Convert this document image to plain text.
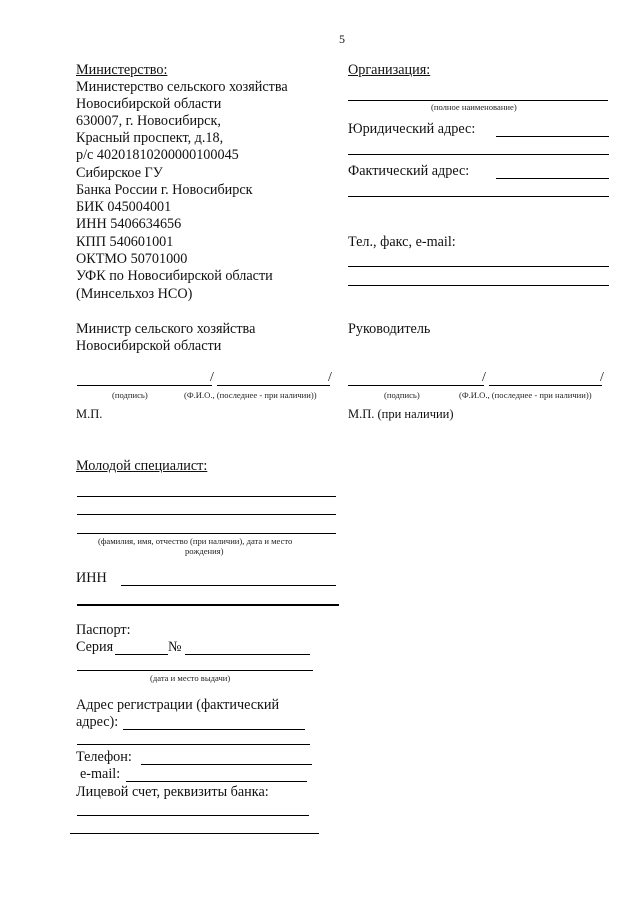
5
Министерство:
Министерство сельского хозяйства
Новосибирской области
630007, г. Новосибирск,
Красный проспект, д.18,
р/с 40201810200000100045
Сибирское ГУ
Банка России г. Новосибирск
БИК 045004001
ИНН 5406634656
КПП 540601001
ОКТМО 50701000
УФК по Новосибирской области
(Минсельхоз НСО)
Министр сельского хозяйства
Новосибирской области
/	/
(подпись)	(Ф.И.О., (последнее - при наличии))
М.П.
Организация:
(полное наименование)
Юридический адрес:
Фактический адрес:
Тел., факс, e-mail:
Руководитель
/	/
(подпись)	(Ф.И.О., (последнее - при наличии))
М.П. (при наличии)
Молодой специалист:
(фамилия, имя, отчество (при наличии), дата и место
рождения)
ИНН
Паспорт:
Серия	№
(дата и место выдачи)
Адрес регистрации (фактический
адрес):
Телефон:
e-mail:
Лицевой счет, реквизиты банка:
